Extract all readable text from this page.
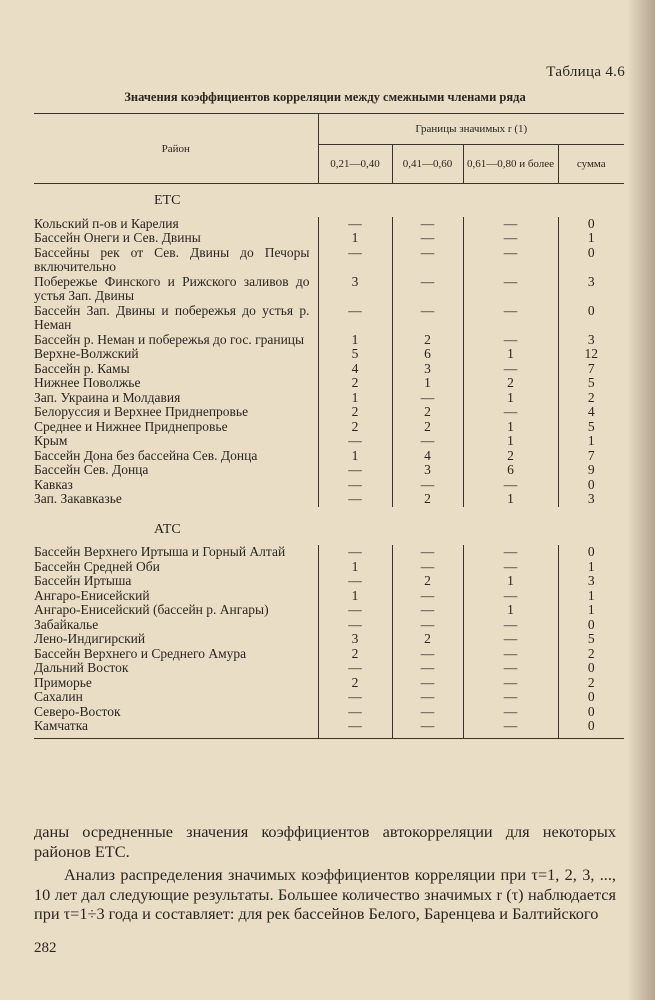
Таблица 4.6
Значения коэффициентов корреляции между смежными членами ряда
Район	Границы значимых r (1)			
	0,21—0,40	0,41—0,60	0,61—0,80 и более	сумма
ЕТС				
Кольский п-ов и Карелия	—	—	—	0
Бассейн Онеги и Сев. Двины	1	—	—	1
Бассейны рек от Сев. Двины до Печоры включительно	—	—	—	0
Побережье Финского и Рижского заливов до устья Зап. Двины	3	—	—	3
Бассейн Зап. Двины и побережья до устья р. Неман	—	—	—	0
Бассейн р. Неман и побережья до гос. границы	1	2	—	3
Верхне-Волжский	5	6	1	12
Бассейн р. Камы	4	3	—	7
Нижнее Поволжье	2	1	2	5
Зап. Украина и Молдавия	1	—	1	2
Белоруссия и Верхнее Приднепровье	2	2	—	4
Среднее и Нижнее Приднепровье	2	2	1	5
Крым	—	—	1	1
Бассейн Дона без бассейна Сев. Донца	1	4	2	7
Бассейн Сев. Донца	—	3	6	9
Кавказ	—	—	—	0
Зап. Закавказье	—	2	1	3
АТС				
Бассейн Верхнего Иртыша и Горный Алтай	—	—	—	0
Бассейн Средней Оби	1	—	—	1
Бассейн Иртыша	—	2	1	3
Ангаро-Енисейский	1	—	—	1
Ангаро-Енисейский (бассейн р. Ангары)	—	—	1	1
Забайкалье	—	—	—	0
Лено-Индигирский	3	2	—	5
Бассейн Верхнего и Среднего Амура	2	—	—	2
Дальний Восток	—	—	—	0
Приморье	2	—	—	2
Сахалин	—	—	—	0
Северо-Восток	—	—	—	0
Камчатка	—	—	—	0

даны осредненные значения коэффициентов автокорреляции для некоторых районов ЕТС.

Анализ распределения значимых коэффициентов корреляции при τ=1, 2, 3, ..., 10 лет дал следующие результаты. Большее количество значимых r (τ) наблюдается при τ=1÷3 года и составляет: для рек бассейнов Белого, Баренцева и Балтийского

282
